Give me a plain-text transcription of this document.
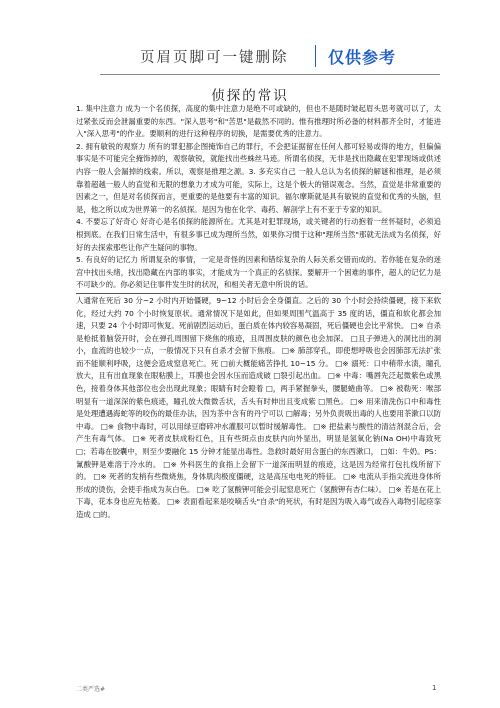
页眉页脚可一键删除	仅供参考
侦探的常识

1. 集中注意力 成为一个名侦探，高度的集中注意力是绝不可或缺的，但也不是随时皱起眉头思考就可以了，太过紧张反而会泄漏重要的东西。"深入思考"和"苦思"是截然不同的。惟有推理时所必备的材料都齐全时，才能进入"深入思考"的作业。要顺利的进行这种程序的切换，是需要优秀的注意力。

2. 拥有敏锐的观察力 所有的罪犯都企图掩饰自己的罪行，不会把证据留在任何人都可轻易或得的地方，但偏偏事实是不可能完全掩饰掉的，观察敏锐，就能找出些蛛丝马迹。所谓名侦探，无非是找出隐藏在犯罪现场或供述内容一般人会漏掉的线索。所以，观察是推理之源。3. 多充实自己 一般人总认为名侦探的解谜和推理，是必须靠着超越一般人的直觉和无限的想象力才成为可能，实际上，这是个极大的错误观念。当然，直觉是非常重要的因素之一，但是对名侦探而言，更重要的是他要有丰富的知识。福尔摩斯就是具有敏锐的直觉和优秀的头脑，但是，他之所以成为世界第一的名侦探。是因为他在化学、毒药、解剖学上有不亚于专家的知识。

4. 不要忘了好奇心 好奇心是名侦探的能源所在。尤其是对犯罪现场，或关键者的行动抱着一丝怀疑时，必须追根到底。在我们日常生活中，有很多事已成为理所当然，如果你习惯于这种"理所当然"那就无法成为名侦探，好好的去探索那些让你产生疑问的事物。

5. 有良好的记忆力 所谓复杂的事情，一定是奇怪的因素和错综复杂的人际关系交错而成的。若你能在复杂的迷宫中找出头绪，找出隐藏在内部的事实，才能成为一个真正的名侦探。要解开一个困难的事件，超人的记忆力是不可缺少的。你必须记住事件发生时的状况，和相关者无意中所说的话。

人通常在死后 30 分~2 小时内开始僵硬，9~12 小时后会全身僵直。之后的 30 个小时会持续僵硬，接下来软化，经过大约 70 个小时恢复原状。通常情况下是如此，但如果周围气温高于 35 度的话，僵直和软化都会加速，只要 24 个小时即可恢复。死前剧烈运动后，蛋白质在体内较容易凝固，死后僵硬也会比平常快。 □※ 自杀是枪抵着脑袋开时，会在弹孔周围留下烧焦的痕迹，且周围皮肤的颜色也会加深。 □且子弹进入的洞比出的洞小，血流的也较少一点，一般情况下只有自杀才会留下焦痕。 □※ 肺部穿孔，即使想呼吸也会因肺部无法扩张而不能顺利呼吸，这便会造成窒息死亡。死 □前大概能痛苦挣扎 10~15 分。 □※ 溺死：口中稍带水渍，瞳孔放大，且有出血现象在眼粘膜上，耳膜也会因水压而造成破 □裂引起出血。 □※ 中毒：嘴唇先泛起微紫色或黑色，接着身体其他部位也会出现此现象；眼睛有时会瞪着 □，两手紧握拳头，腰腿蜷曲等。 □※ 被勒死：喉部明显有一道深深的紫色痕迹，瞳孔放大微微舌状，舌头有时伸出且变成紫 □黑色。 □※ 用来清洗伤口中和毒性是处理遭遇海蛇等的咬伤的最佳办法，因为茶中含有的丹宁可以 □解毒；另外负责吸出毒的人也要用茶漱口以防中毒。 □※ 食物中毒时，可以用绿豆磨碎冲水灌服可以暂时缓解毒性。 □※ 把盐素与酸性的清洁剂混合后，会产生有毒气体。 □※ 死者皮肤成粉红色，且有些斑点由皮肤内向外显出，明显是氢氧化钠(Na OH)中毒致死 □；若毒在胶囊中，则至少要融化 15 分钟才能显出毒性。急救时最好用含蛋白的东西漱口， □如：牛奶。PS：氰酸钾是难溶于冷水的。 □※ 外科医生的食指上会留下一道深而明显的痕迹，这是因为经常打包扎线所留下的。 □※ 死者的发梢有些微烧焦，身体肌肉极度僵硬，这是高压电电死的特征。 □※ 电流从手指尖流进身体所形成的烫伤，会使手指成为灰白色。 □※ 吃了氢酸钾可能会引起窒息死亡（氢酸钾有杏仁味）。 □※ 若是在花上下毒，花本身也应先枯萎。 □※ 表面看起来是咬嘀舌头"自杀"的死状，有时是因为吸入毒气或吞入毒物引起痉挛造成 □的。

二类严选#	1
